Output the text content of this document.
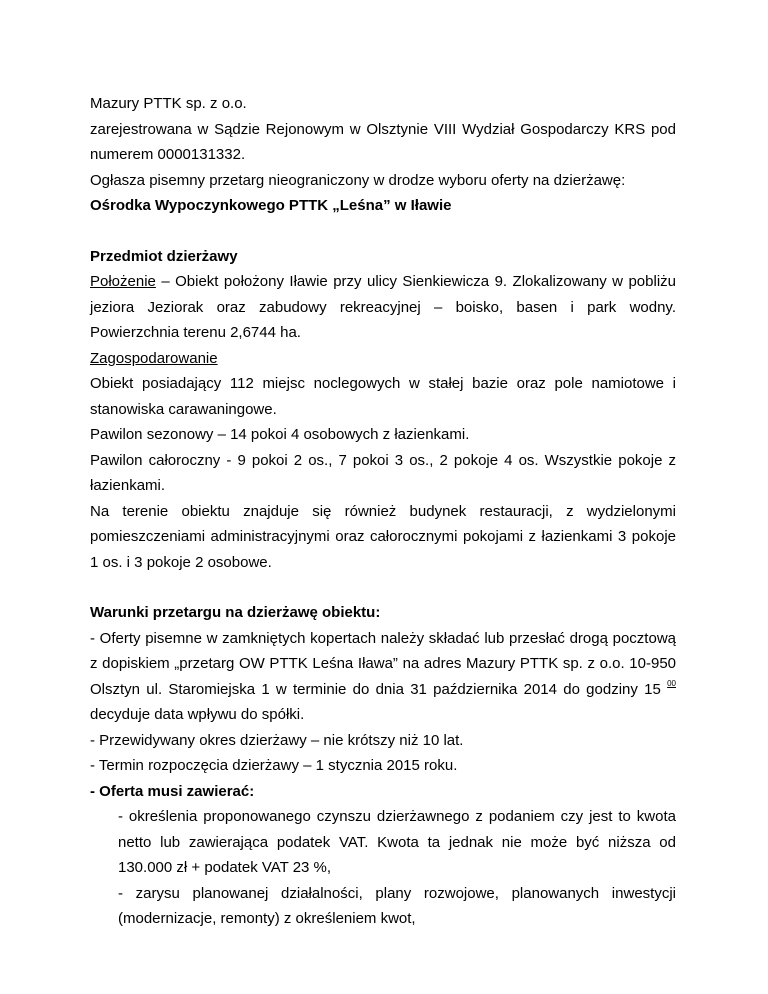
Mazury PTTK sp. z o.o.

zarejestrowana w Sądzie Rejonowym w Olsztynie VIII Wydział Gospodarczy KRS pod numerem 0000131332.

Ogłasza pisemny przetarg nieograniczony w drodze wyboru oferty na dzierżawę:

Ośrodka Wypoczynkowego PTTK „Leśna” w Iławie

Przedmiot dzierżawy

Położenie – Obiekt położony Iławie przy ulicy Sienkiewicza 9. Zlokalizowany w pobliżu jeziora Jeziorak oraz zabudowy rekreacyjnej – boisko, basen i park wodny. Powierzchnia terenu 2,6744 ha.

Zagospodarowanie

Obiekt posiadający 112 miejsc noclegowych w stałej bazie oraz pole namiotowe i stanowiska carawaningowe.

Pawilon sezonowy – 14 pokoi 4 osobowych z łazienkami.

Pawilon całoroczny - 9 pokoi 2 os., 7 pokoi 3 os., 2 pokoje 4 os. Wszystkie pokoje z łazienkami.

Na terenie obiektu znajduje się również budynek restauracji, z wydzielonymi pomieszczeniami administracyjnymi oraz całorocznymi pokojami z łazienkami 3 pokoje 1 os. i 3 pokoje 2 osobowe.

Warunki przetargu na dzierżawę obiektu:

- Oferty pisemne w zamkniętych kopertach należy składać lub przesłać drogą pocztową z dopiskiem „przetarg OW PTTK Leśna Iława” na adres Mazury PTTK sp. z o.o. 10-950 Olsztyn ul. Staromiejska 1 w terminie do dnia 31 października 2014 do godziny 15 $^{00}$ decyduje data wpływu do spółki.

- Przewidywany okres dzierżawy – nie krótszy niż 10 lat.

- Termin rozpoczęcia dzierżawy – 1 stycznia 2015 roku.

- Oferta musi zawierać:

- określenia proponowanego czynszu dzierżawnego z podaniem czy jest to kwota netto lub zawierająca podatek VAT. Kwota ta jednak nie może być niższa od 130.000 zł + podatek VAT 23 %,

- zarysu planowanej działalności, plany rozwojowe, planowanych inwestycji (modernizacje, remonty) z określeniem kwot,
